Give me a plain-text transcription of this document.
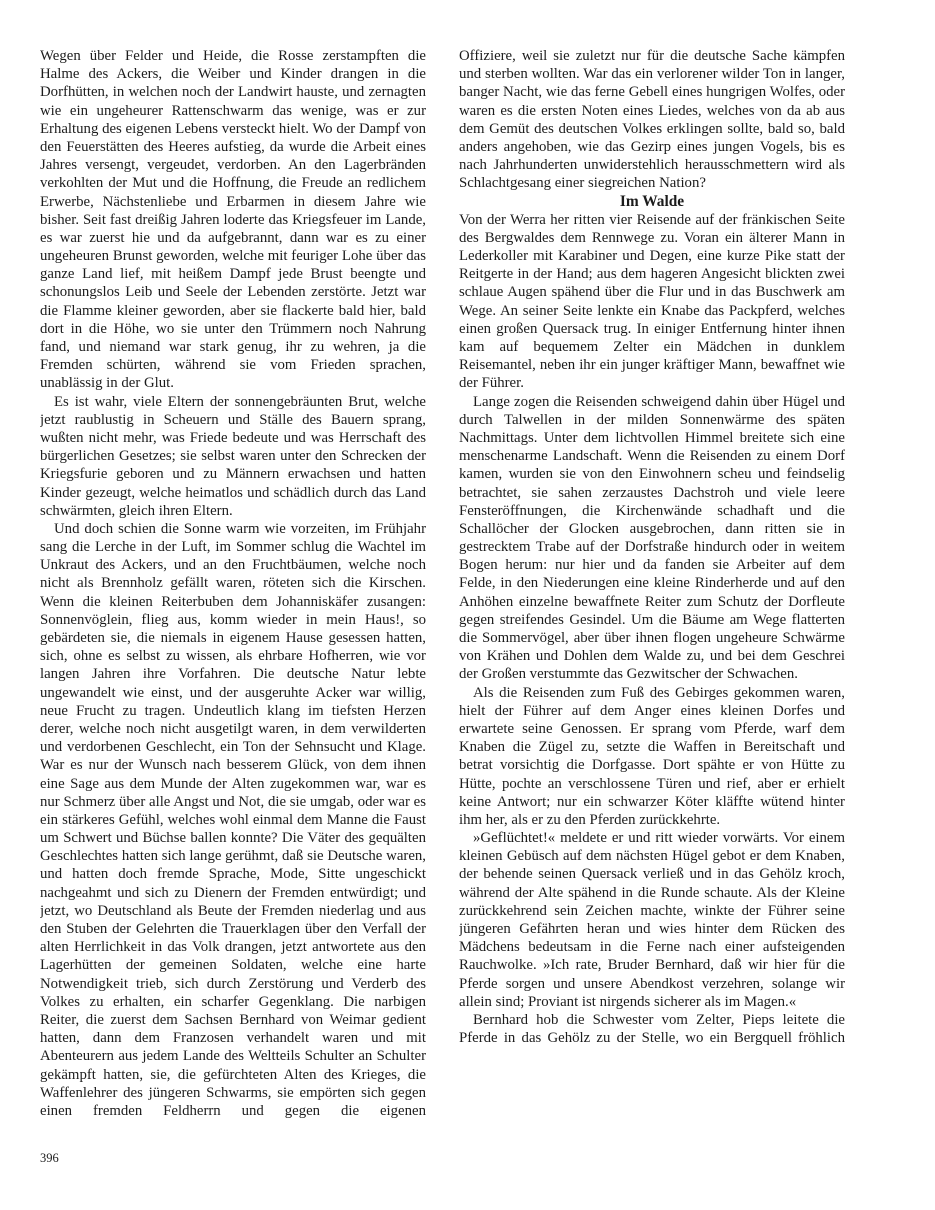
Wegen über Felder und Heide, die Rosse zerstampften die Halme des Ackers, die Weiber und Kinder drangen in die Dorfhütten, in welchen noch der Landwirt hauste, und zernagten wie ein ungeheurer Rattenschwarm das wenige, was er zur Erhaltung des eigenen Lebens versteckt hielt. Wo der Dampf von den Feuerstätten des Heeres aufstieg, da wurde die Arbeit eines Jahres versengt, vergeudet, verdorben. An den Lagerbränden verkohlten der Mut und die Hoffnung, die Freude an redlichem Erwerbe, Nächstenliebe und Erbarmen in diesem Jahre wie bisher. Seit fast dreißig Jahren loderte das Kriegsfeuer im Lande, es war zuerst hie und da aufgebrannt, dann war es zu einer ungeheuren Brunst geworden, welche mit feuriger Lohe über das ganze Land lief, mit heißem Dampf jede Brust beengte und schonungslos Leib und Seele der Lebenden zerstörte. Jetzt war die Flamme kleiner geworden, aber sie flackerte bald hier, bald dort in die Höhe, wo sie unter den Trümmern noch Nahrung fand, und niemand war stark genug, ihr zu wehren, ja die Fremden schürten, während sie vom Frieden sprachen, unablässig in der Glut.

Es ist wahr, viele Eltern der sonnengebräunten Brut, welche jetzt raublustig in Scheuern und Ställe des Bauern sprang, wußten nicht mehr, was Friede bedeute und was Herrschaft des bürgerlichen Gesetzes; sie selbst waren unter den Schrecken der Kriegsfurie geboren und zu Männern erwachsen und hatten Kinder gezeugt, welche heimatlos und schädlich durch das Land schwärmten, gleich ihren Eltern.

Und doch schien die Sonne warm wie vorzeiten, im Frühjahr sang die Lerche in der Luft, im Sommer schlug die Wachtel im Unkraut des Ackers, und an den Fruchtbäumen, welche noch nicht als Brennholz gefällt waren, röteten sich die Kirschen. Wenn die kleinen Reiterbuben dem Johanniskäfer zusangen: Sonnenvöglein, flieg aus, komm wieder in mein Haus!, so gebärdeten sie, die niemals in eigenem Hause gesessen hatten, sich, ohne es selbst zu wissen, als ehrbare Hofherren, wie vor langen Jahren ihre Vorfahren. Die deutsche Natur lebte ungewandelt wie einst, und der ausgeruhte Acker war willig, neue Frucht zu tragen. Undeutlich klang im tiefsten Herzen derer, welche noch nicht ausgetilgt waren, in dem verwilderten und verdorbenen Geschlecht, ein Ton der Sehnsucht und Klage. War es nur der Wunsch nach besserem Glück, von dem ihnen eine Sage aus dem Munde der Alten zugekommen war, war es nur Schmerz über alle Angst und Not, die sie umgab, oder war es ein stärkeres Gefühl, welches wohl einmal dem Manne die Faust um Schwert und Büchse ballen konnte? Die Väter des gequälten Geschlechtes hatten sich lange gerühmt, daß sie Deutsche waren, und hatten doch fremde Sprache, Mode, Sitte ungeschickt nachgeahmt und sich zu Dienern der Fremden entwürdigt; und jetzt, wo Deutschland als Beute der Fremden niederlag und aus den Stuben der Gelehrten die Trauerklagen über den Verfall der alten Herrlichkeit in das Volk drangen, jetzt antwortete aus den Lagerhütten der gemeinen Soldaten, welche eine harte Notwendigkeit trieb, sich durch Zerstörung und Verderb des Volkes zu erhalten, ein scharfer Gegenklang. Die narbigen Reiter, die zuerst dem Sachsen Bernhard von Weimar gedient hatten, dann dem Franzosen verhandelt waren und mit Abenteurern aus jedem Lande des Weltteils Schulter an Schulter gekämpft hatten, sie, die gefürchteten Alten des Krieges, die Waffenlehrer des jüngeren Schwarms, sie empörten sich gegen einen fremden Feldherrn und gegen die eigenen

Offiziere, weil sie zuletzt nur für die deutsche Sache kämpfen und sterben wollten. War das ein verlorener wilder Ton in langer, banger Nacht, wie das ferne Gebell eines hungrigen Wolfes, oder waren es die ersten Noten eines Liedes, welches von da ab aus dem Gemüt des deutschen Volkes erklingen sollte, bald so, bald anders angehoben, wie das Gezirp eines jungen Vogels, bis es nach Jahrhunderten unwiderstehlich herausschmettern wird als Schlachtgesang einer siegreichen Nation?

Im Walde

Von der Werra her ritten vier Reisende auf der fränkischen Seite des Bergwaldes dem Rennwege zu. Voran ein älterer Mann in Lederkoller mit Karabiner und Degen, eine kurze Pike statt der Reitgerte in der Hand; aus dem hageren Angesicht blickten zwei schlaue Augen spähend über die Flur und in das Buschwerk am Wege. An seiner Seite lenkte ein Knabe das Packpferd, welches einen großen Quersack trug. In einiger Entfernung hinter ihnen kam auf bequemem Zelter ein Mädchen in dunklem Reisemantel, neben ihr ein junger kräftiger Mann, bewaffnet wie der Führer.

Lange zogen die Reisenden schweigend dahin über Hügel und durch Talwellen in der milden Sonnenwärme des späten Nachmittags. Unter dem lichtvollen Himmel breitete sich eine menschenarme Landschaft. Wenn die Reisenden zu einem Dorf kamen, wurden sie von den Einwohnern scheu und feindselig betrachtet, sie sahen zerzaustes Dachstroh und viele leere Fensteröffnungen, die Kirchenwände schadhaft und die Schallöcher der Glocken ausgebrochen, dann ritten sie in gestrecktem Trabe auf der Dorfstraße hindurch oder in weitem Bogen herum: nur hier und da fanden sie Arbeiter auf dem Felde, in den Niederungen eine kleine Rinderherde und auf den Anhöhen einzelne bewaffnete Reiter zum Schutz der Dorfleute gegen streifendes Gesindel. Um die Bäume am Wege flatterten die Sommervögel, aber über ihnen flogen ungeheure Schwärme von Krähen und Dohlen dem Walde zu, und bei dem Geschrei der Großen verstummte das Gezwitscher der Schwachen.

Als die Reisenden zum Fuß des Gebirges gekommen waren, hielt der Führer auf dem Anger eines kleinen Dorfes und erwartete seine Genossen. Er sprang vom Pferde, warf dem Knaben die Zügel zu, setzte die Waffen in Bereitschaft und betrat vorsichtig die Dorfgasse. Dort spähte er von Hütte zu Hütte, pochte an verschlossene Türen und rief, aber er erhielt keine Antwort; nur ein schwarzer Köter kläffte wütend hinter ihm her, als er zu den Pferden zurückkehrte.

»Geflüchtet!« meldete er und ritt wieder vorwärts. Vor einem kleinen Gebüsch auf dem nächsten Hügel gebot er dem Knaben, der behende seinen Quersack verließ und in das Gehölz kroch, während der Alte spähend in die Runde schaute. Als der Kleine zurückkehrend sein Zeichen machte, winkte der Führer seine jüngeren Gefährten heran und wies hinter dem Rücken des Mädchens bedeutsam in die Ferne nach einer aufsteigenden Rauchwolke. »Ich rate, Bruder Bernhard, daß wir hier für die Pferde sorgen und unsere Abendkost verzehren, solange wir allein sind; Proviant ist nirgends sicherer als im Magen.«

Bernhard hob die Schwester vom Zelter, Pieps leitete die Pferde in das Gehölz zu der Stelle, wo ein Bergquell fröhlich

396
